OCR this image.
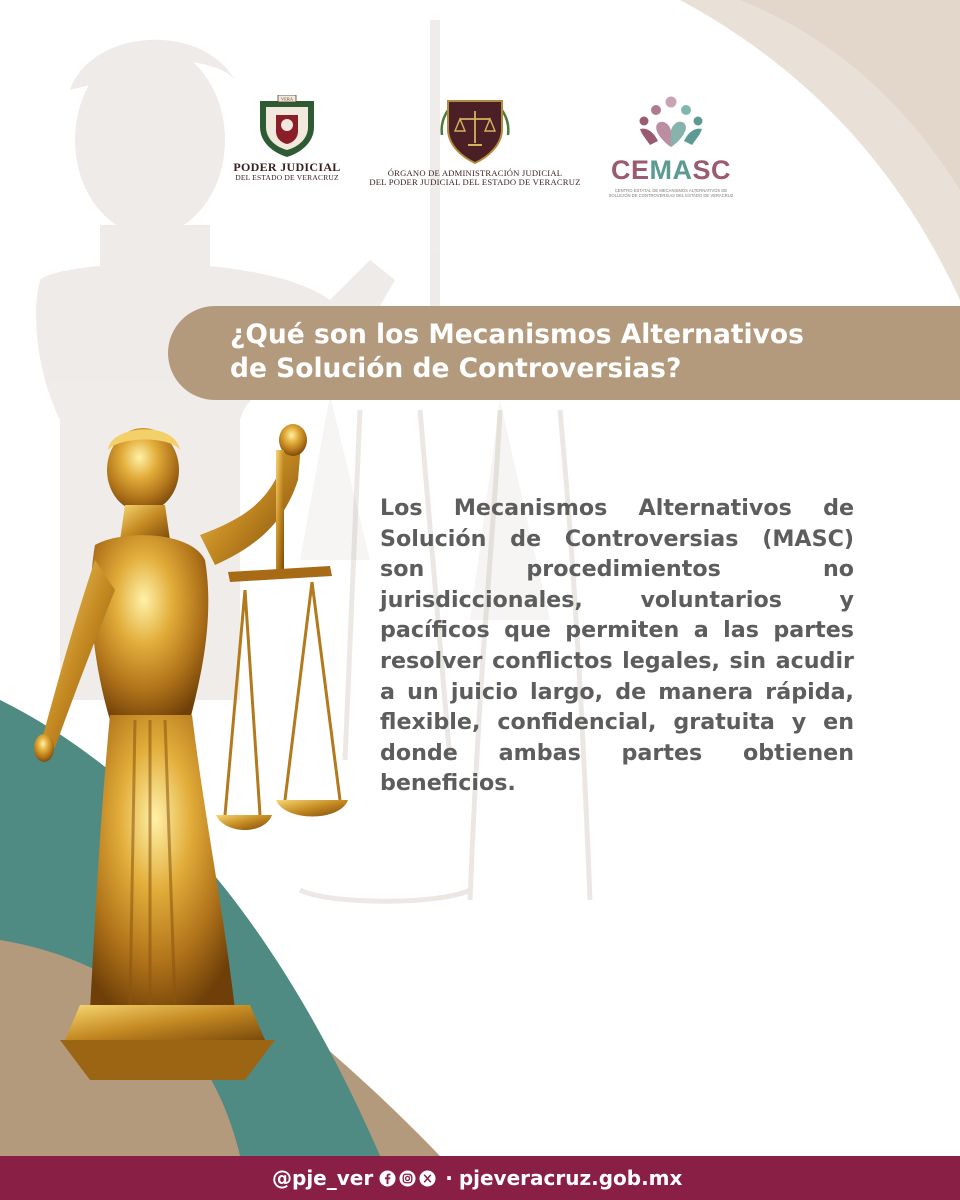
VERA
PODER JUDICIAL
DEL ESTADO DE VERACRUZ	ÓRGANO DE ADMINISTRACIÓN JUDICIAL
DEL PODER JUDICIAL DEL ESTADO DE VERACRUZ	CEMASC
CENTRO ESTATAL DE MECANISMOS ALTERNATIVOS DE SOLUCIÓN DE CONTROVERSIAS DEL ESTADO DE VERACRUZ
¿Qué son los Mecanismos Alternativos
de Solución de Controversias?
Los Mecanismos Alternativos de Solución de Controversias (MASC) son procedimientos no jurisdiccionales, voluntarios y pacíficos que permiten a las partes resolver conflictos legales, sin acudir a un juicio largo, de manera rápida, flexible, confidencial, gratuita y en donde ambas partes obtienen beneficios.
@pje_ver	· pjeveracruz.gob.mx
